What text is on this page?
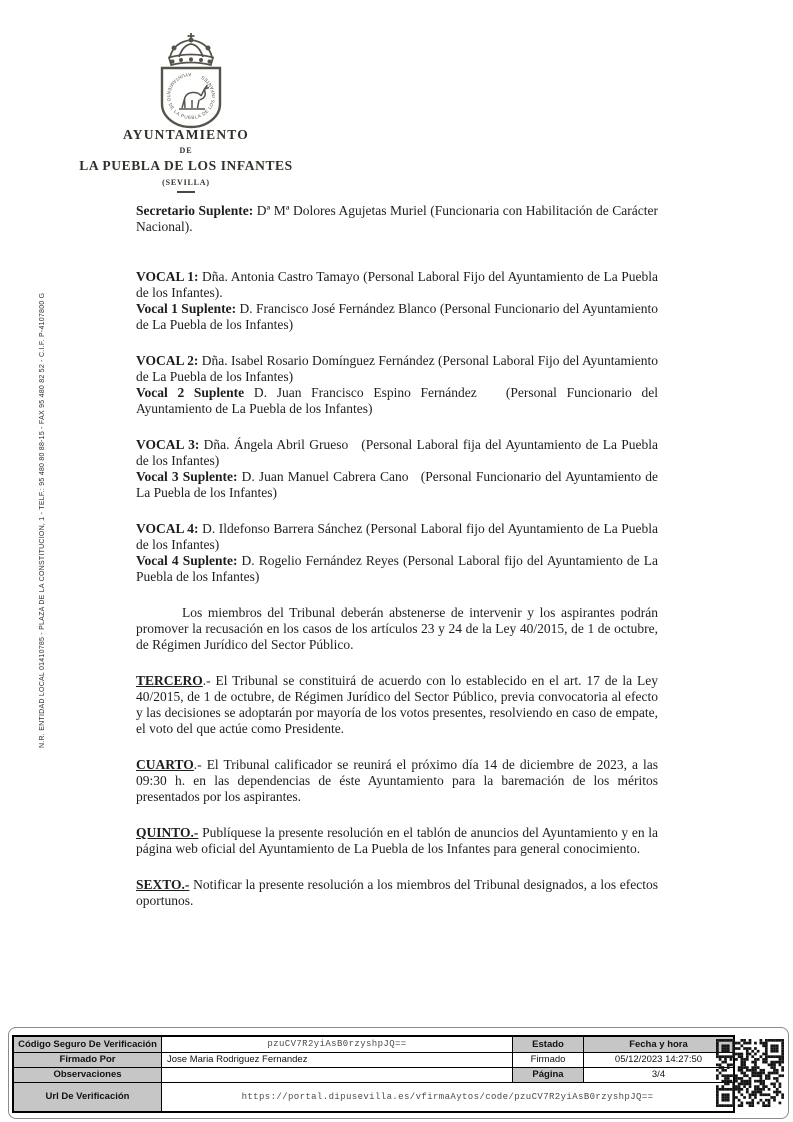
AYUNTAMIENTO DE LA PUEBLA DE LOS INFANTES
AYUNTAMIENTO
DE
LA PUEBLA DE LOS INFANTES
(SEVILLA)
N.R. ENTIDAD LOCAL 01410785 - PLAZA DE LA CONSTITUCION, 1 - TELF.: 95 480 80 88-15 - FAX 95 480 82 52 - C.I.F. P-4107800 G

Secretario Suplente: Dª Mª Dolores Agujetas Muriel (Funcionaria con Habilitación de Carácter Nacional).

VOCAL 1: Dña. Antonia Castro Tamayo (Personal Laboral Fijo del Ayuntamiento de La Puebla de los Infantes).

Vocal 1 Suplente: D. Francisco José Fernández Blanco (Personal Funcionario del Ayuntamiento de La Puebla de los Infantes)

VOCAL 2: Dña. Isabel Rosario Domínguez Fernández (Personal Laboral Fijo del Ayuntamiento de La Puebla de los Infantes)

Vocal 2 Suplente D. Juan Francisco Espino Fernández   (Personal Funcionario del Ayuntamiento de La Puebla de los Infantes)

VOCAL 3: Dña. Ángela Abril Grueso   (Personal Laboral fija del Ayuntamiento de La Puebla de los Infantes)

Vocal 3 Suplente: D. Juan Manuel Cabrera Cano   (Personal Funcionario del Ayuntamiento de La Puebla de los Infantes)

VOCAL 4: D. Ildefonso Barrera Sánchez (Personal Laboral fijo del Ayuntamiento de La Puebla de los Infantes)

Vocal 4 Suplente: D. Rogelio Fernández Reyes (Personal Laboral fijo del Ayuntamiento de La Puebla de los Infantes)

Los miembros del Tribunal deberán abstenerse de intervenir y los aspirantes podrán promover la recusación en los casos de los artículos 23 y 24 de la Ley 40/2015, de 1 de octubre, de Régimen Jurídico del Sector Público.

TERCERO.- El Tribunal se constituirá de acuerdo con lo establecido en el art. 17 de la Ley 40/2015, de 1 de octubre, de Régimen Jurídico del Sector Público, previa convocatoria al efecto y las decisiones se adoptarán por mayoría de los votos presentes, resolviendo en caso de empate, el voto del que actúe como Presidente.

CUARTO.- El Tribunal calificador se reunirá el próximo día 14 de diciembre de 2023, a las 09:30 h. en las dependencias de éste Ayuntamiento para la baremación de los méritos presentados por los aspirantes.

QUINTO.- Publíquese la presente resolución en el tablón de anuncios del Ayuntamiento y en la página web oficial del Ayuntamiento de La Puebla de los Infantes para general conocimiento.

SEXTO.- Notificar la presente resolución a los miembros del Tribunal designados, a los efectos oportunos.

Código Seguro De Verificación	pzuCV7R2yiAsB0rzyshpJQ==	Estado	Fecha y hora
Firmado Por	Jose Maria Rodriguez Fernandez	Firmado	05/12/2023 14:27:50
Observaciones		Página	3/4
Url De Verificación	https://portal.dipusevilla.es/vfirmaAytos/code/pzuCV7R2yiAsB0rzyshpJQ==		
